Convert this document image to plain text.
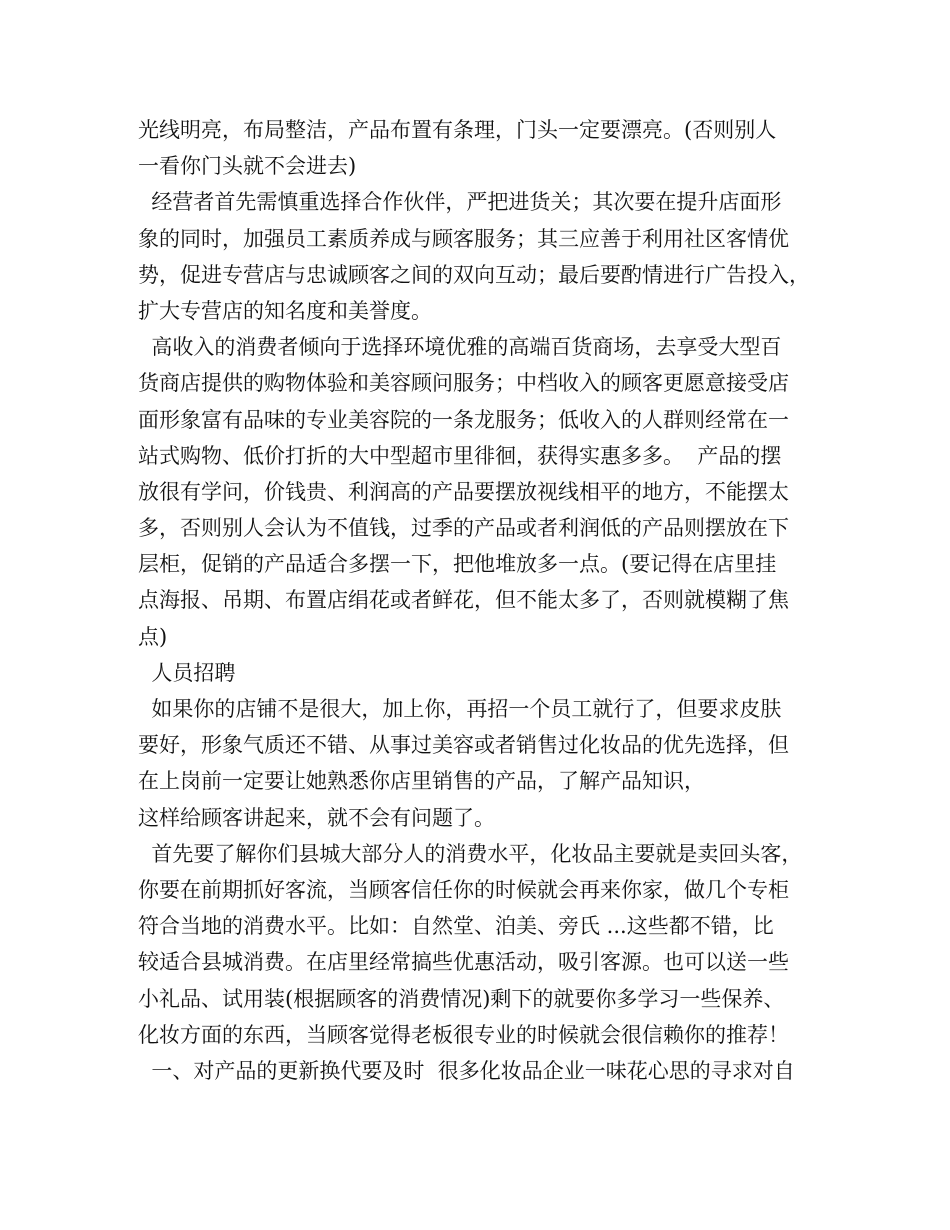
光线明亮，布局整洁，产品布置有条理，门头一定要漂亮。(否则别人
一看你门头就不会进去)
经营者首先需慎重选择合作伙伴，严把进货关；其次要在提升店面形
象的同时，加强员工素质养成与顾客服务；其三应善于利用社区客情优
势，促进专营店与忠诚顾客之间的双向互动；最后要酌情进行广告投入，
扩大专营店的知名度和美誉度。
高收入的消费者倾向于选择环境优雅的高端百货商场，去享受大型百
货商店提供的购物体验和美容顾问服务；中档收入的顾客更愿意接受店
面形象富有品味的专业美容院的一条龙服务；低收入的人群则经常在一
站式购物、低价打折的大中型超市里徘徊，获得实惠多多。  产品的摆
放很有学问，价钱贵、利润高的产品要摆放视线相平的地方，不能摆太
多，否则别人会认为不值钱，过季的产品或者利润低的产品则摆放在下
层柜，促销的产品适合多摆一下，把他堆放多一点。(要记得在店里挂
点海报、吊期、布置店绢花或者鲜花，但不能太多了，否则就模糊了焦
点)
人员招聘
如果你的店铺不是很大，加上你，再招一个员工就行了，但要求皮肤
要好，形象气质还不错、从事过美容或者销售过化妆品的优先选择，但
在上岗前一定要让她熟悉你店里销售的产品，了解产品知识，
这样给顾客讲起来，就不会有问题了。
首先要了解你们县城大部分人的消费水平，化妆品主要就是卖回头客，
你要在前期抓好客流，当顾客信任你的时候就会再来你家，做几个专柜
符合当地的消费水平。比如：自然堂、泊美、旁氏 ...这些都不错，比
较适合县城消费。在店里经常搞些优惠活动，吸引客源。也可以送一些
小礼品、试用装(根据顾客的消费情况)剩下的就要你多学习一些保养、
化妆方面的东西，当顾客觉得老板很专业的时候就会很信赖你的推荐！
一、对产品的更新换代要及时  很多化妆品企业一味花心思的寻求对自
